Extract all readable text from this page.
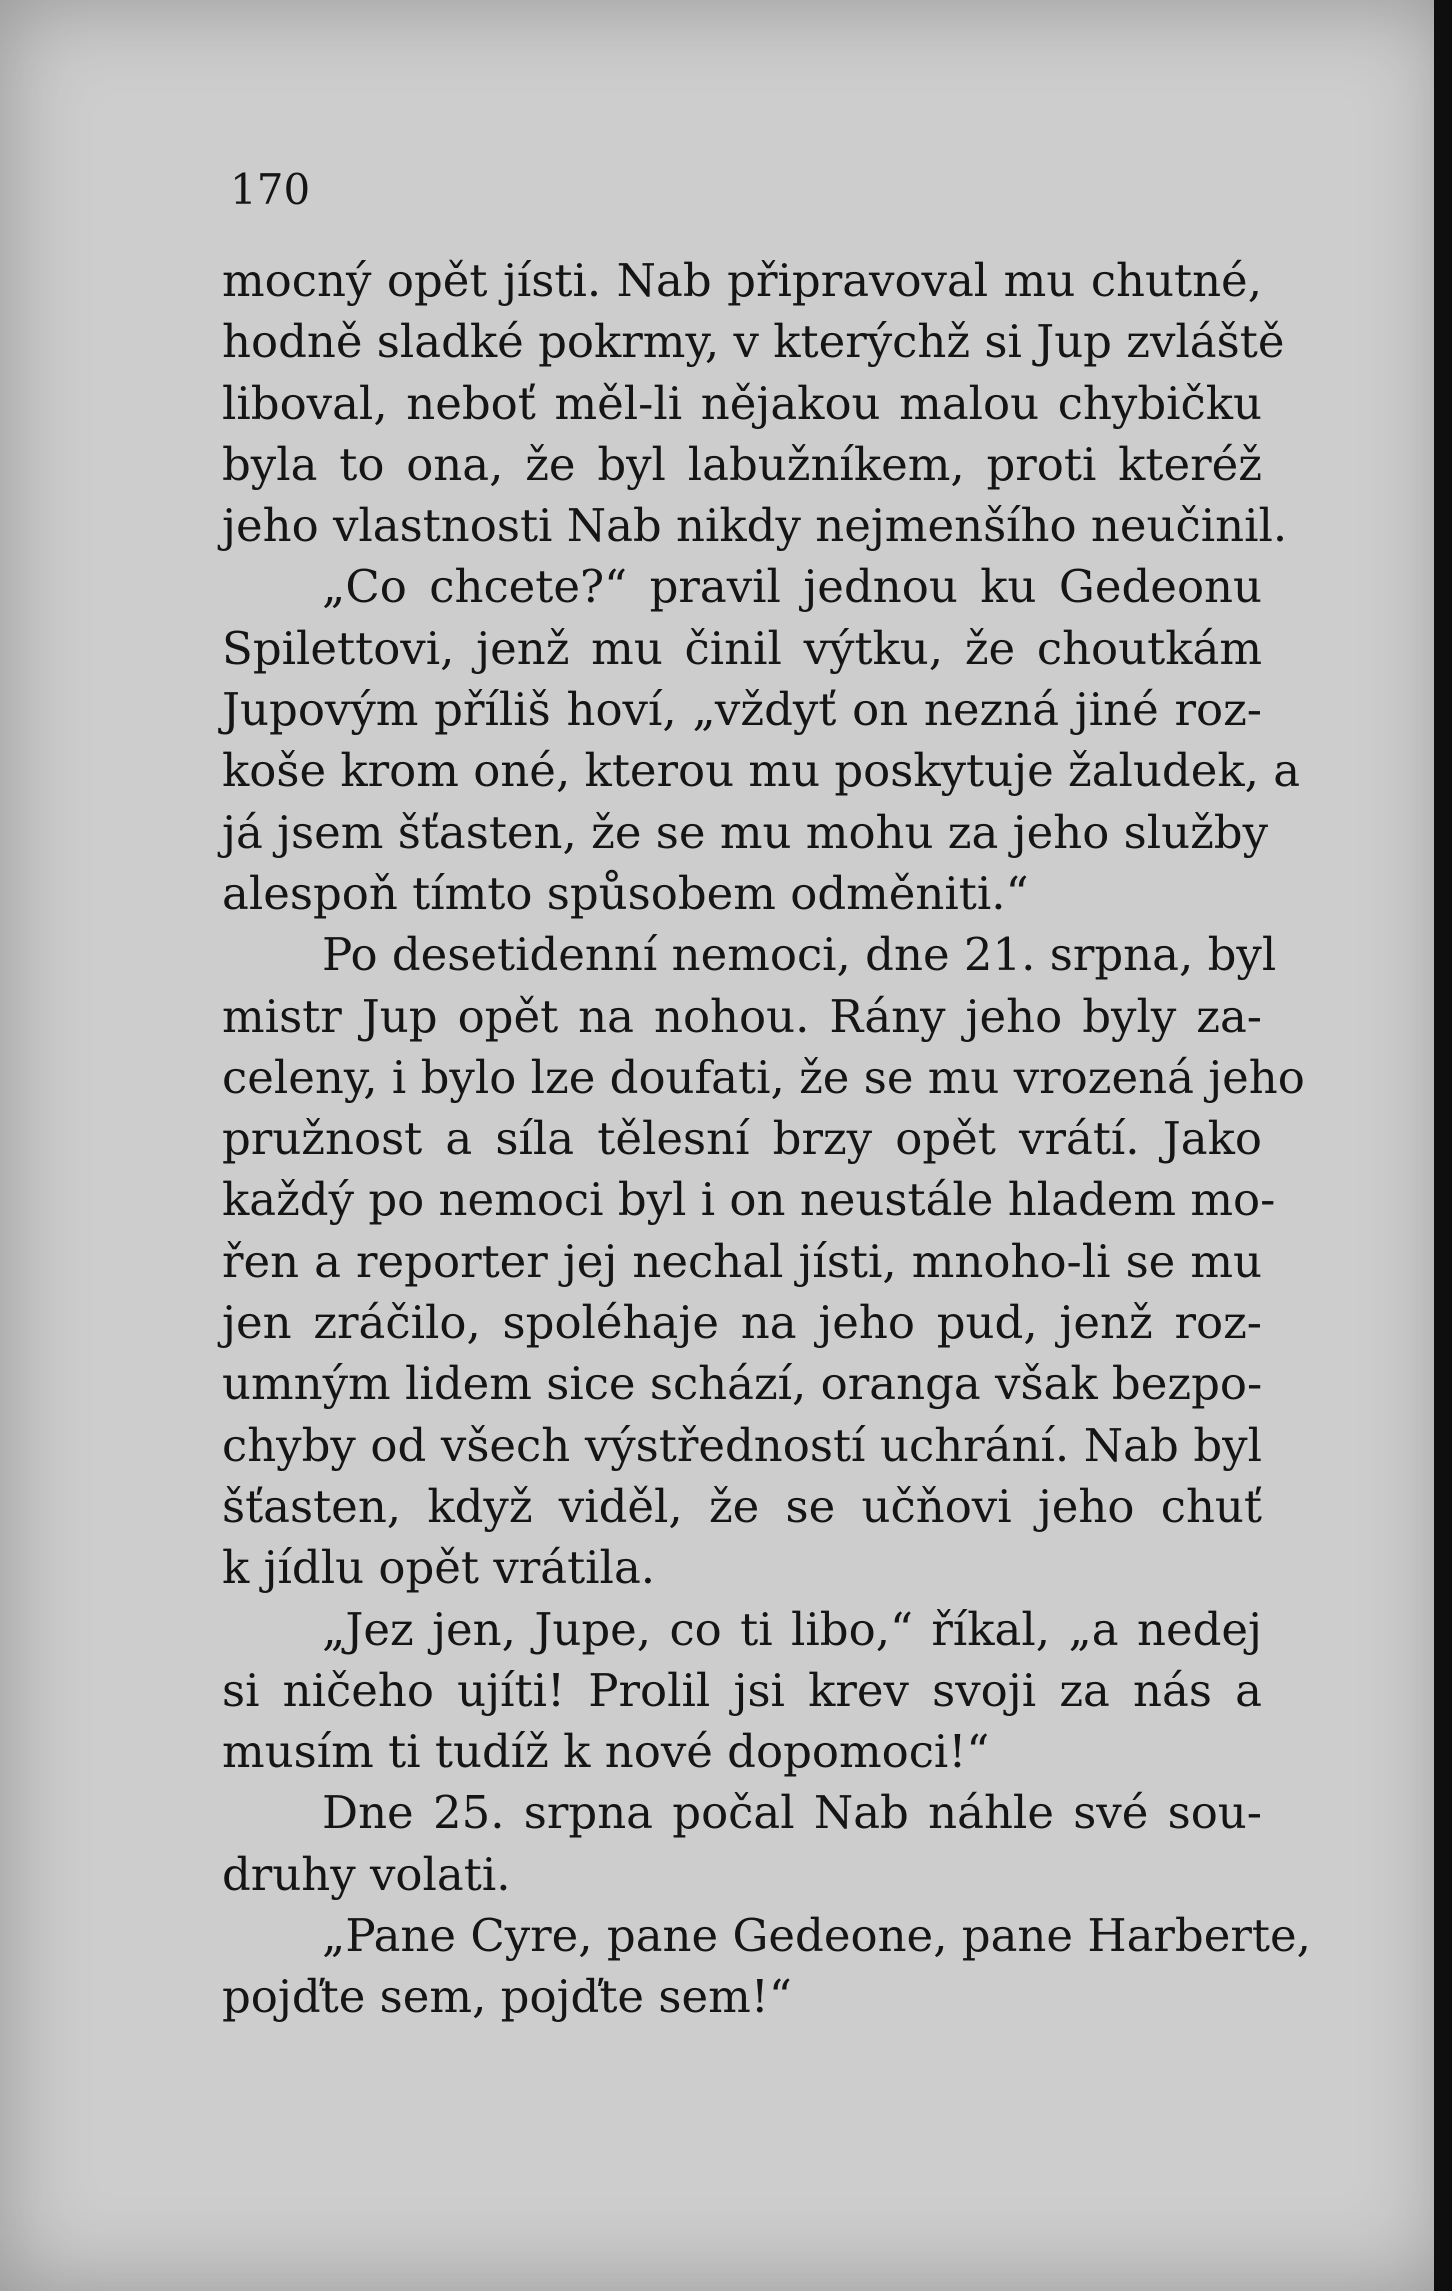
170
mocný opět jísti. Nab připravoval mu chutné,
hodně sladké pokrmy, v kterýchž si Jup zvláště
liboval, neboť měl-li nějakou malou chybičku
byla to ona, že byl labužníkem, proti kteréž
jeho vlastnosti Nab nikdy nejmenšího neučinil.
„Co chcete?“ pravil jednou ku Gedeonu
Spilettovi, jenž mu činil výtku, že choutkám
Jupovým příliš hoví, „vždyť on nezná jiné roz-
koše krom oné, kterou mu poskytuje žaludek, a
já jsem šťasten, že se mu mohu za jeho služby
alespoň tímto spůsobem odměniti.“
Po desetidenní nemoci, dne 21. srpna, byl
mistr Jup opět na nohou. Rány jeho byly za-
celeny, i bylo lze doufati, že se mu vrozená jeho
pružnost a síla tělesní brzy opět vrátí. Jako
každý po nemoci byl i on neustále hladem mo-
řen a reporter jej nechal jísti, mnoho-li se mu
jen zráčilo, spoléhaje na jeho pud, jenž roz-
umným lidem sice schází, oranga však bezpo-
chyby od všech výstředností uchrání. Nab byl
šťasten, když viděl, že se učňovi jeho chuť
k jídlu opět vrátila.
„Jez jen, Jupe, co ti libo,“ říkal, „a nedej
si ničeho ujíti! Prolil jsi krev svoji za nás a
musím ti tudíž k nové dopomoci!“
Dne 25. srpna počal Nab náhle své sou-
druhy volati.
„Pane Cyre, pane Gedeone, pane Harberte,
pojďte sem, pojďte sem!“
